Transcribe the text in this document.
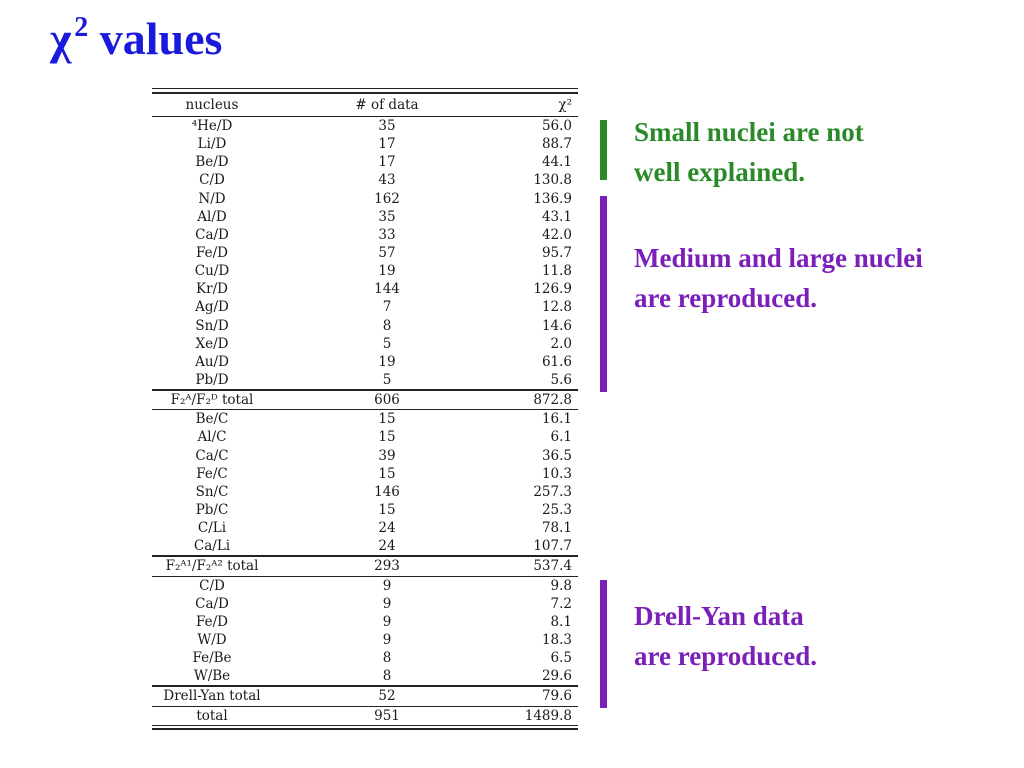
χ $^2$ values
nucleus	# of data	χ²
⁴He/D	35	56.0
Li/D	17	88.7
Be/D	17	44.1
C/D	43	130.8
N/D	162	136.9
Al/D	35	43.1
Ca/D	33	42.0
Fe/D	57	95.7
Cu/D	19	11.8
Kr/D	144	126.9
Ag/D	7	12.8
Sn/D	8	14.6
Xe/D	5	2.0
Au/D	19	61.6
Pb/D	5	5.6
F₂ᴬ/F₂ᴰ total	606	872.8
Be/C	15	16.1
Al/C	15	6.1
Ca/C	39	36.5
Fe/C	15	10.3
Sn/C	146	257.3
Pb/C	15	25.3
C/Li	24	78.1
Ca/Li	24	107.7
F₂ᴬ¹/F₂ᴬ² total	293	537.4
C/D	9	9.8
Ca/D	9	7.2
Fe/D	9	8.1
W/D	9	18.3
Fe/Be	8	6.5
W/Be	8	29.6
Drell-Yan total	52	79.6
total	951	1489.8
Small nuclei are not
well explained.
Medium and large nuclei
are reproduced.
Drell-Yan data
are reproduced.
